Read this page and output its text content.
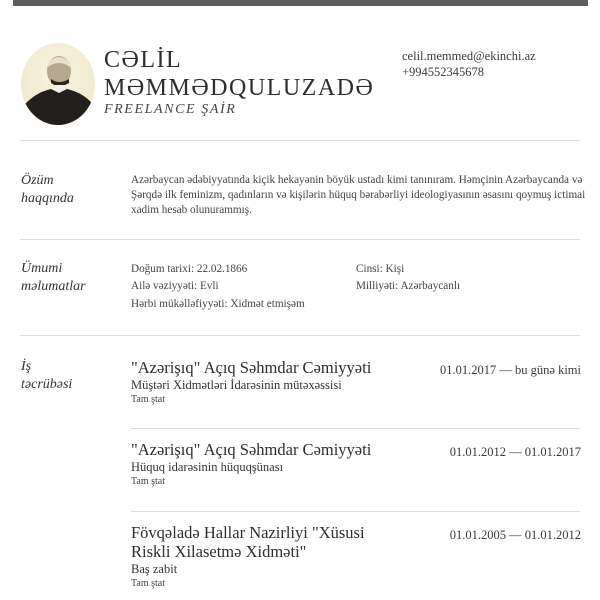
CƏLİL
MƏMMƏDQULUZADƏ
FREELANCE ŞAİR
celil.memmed@ekinchi.az
+994552345678
Özüm
haqqında
Azərbaycan ədəbiyyatında kiçik hekayənin böyük ustadı kimi tanınıram. Həmçinin Azərbaycanda və Şərqdə ilk feminizm, qadınların və kişilərin hüquq bərabərliyi ideologiyasının əsasını qoymuş ictimai xadim hesab olunurammış.
Ümumi
məlumatlar
Doğum tarixi: 22.02.1866
Ailə vəziyyəti: Evli
Hərbi mükəlləfiyyəti: Xidmət etmişəm
Cinsi: Kişi
Milliyəti: Azərbaycanlı
İş
təcrübəsi
"Azərişıq" Açıq Səhmdar Cəmiyyəti
Müştəri Xidmətləri İdarəsinin mütəxəssisi
Tam ştat
01.01.2017 — bu günə kimi
"Azərişıq" Açıq Səhmdar Cəmiyyəti
Hüquq idarəsinin hüquqşünası
Tam ştat
01.01.2012 — 01.01.2017
Fövqəladə Hallar Nazirliyi "Xüsusi Riskli Xilasetmə Xidməti"
Baş zabit
Tam ştat
01.01.2005 — 01.01.2012
